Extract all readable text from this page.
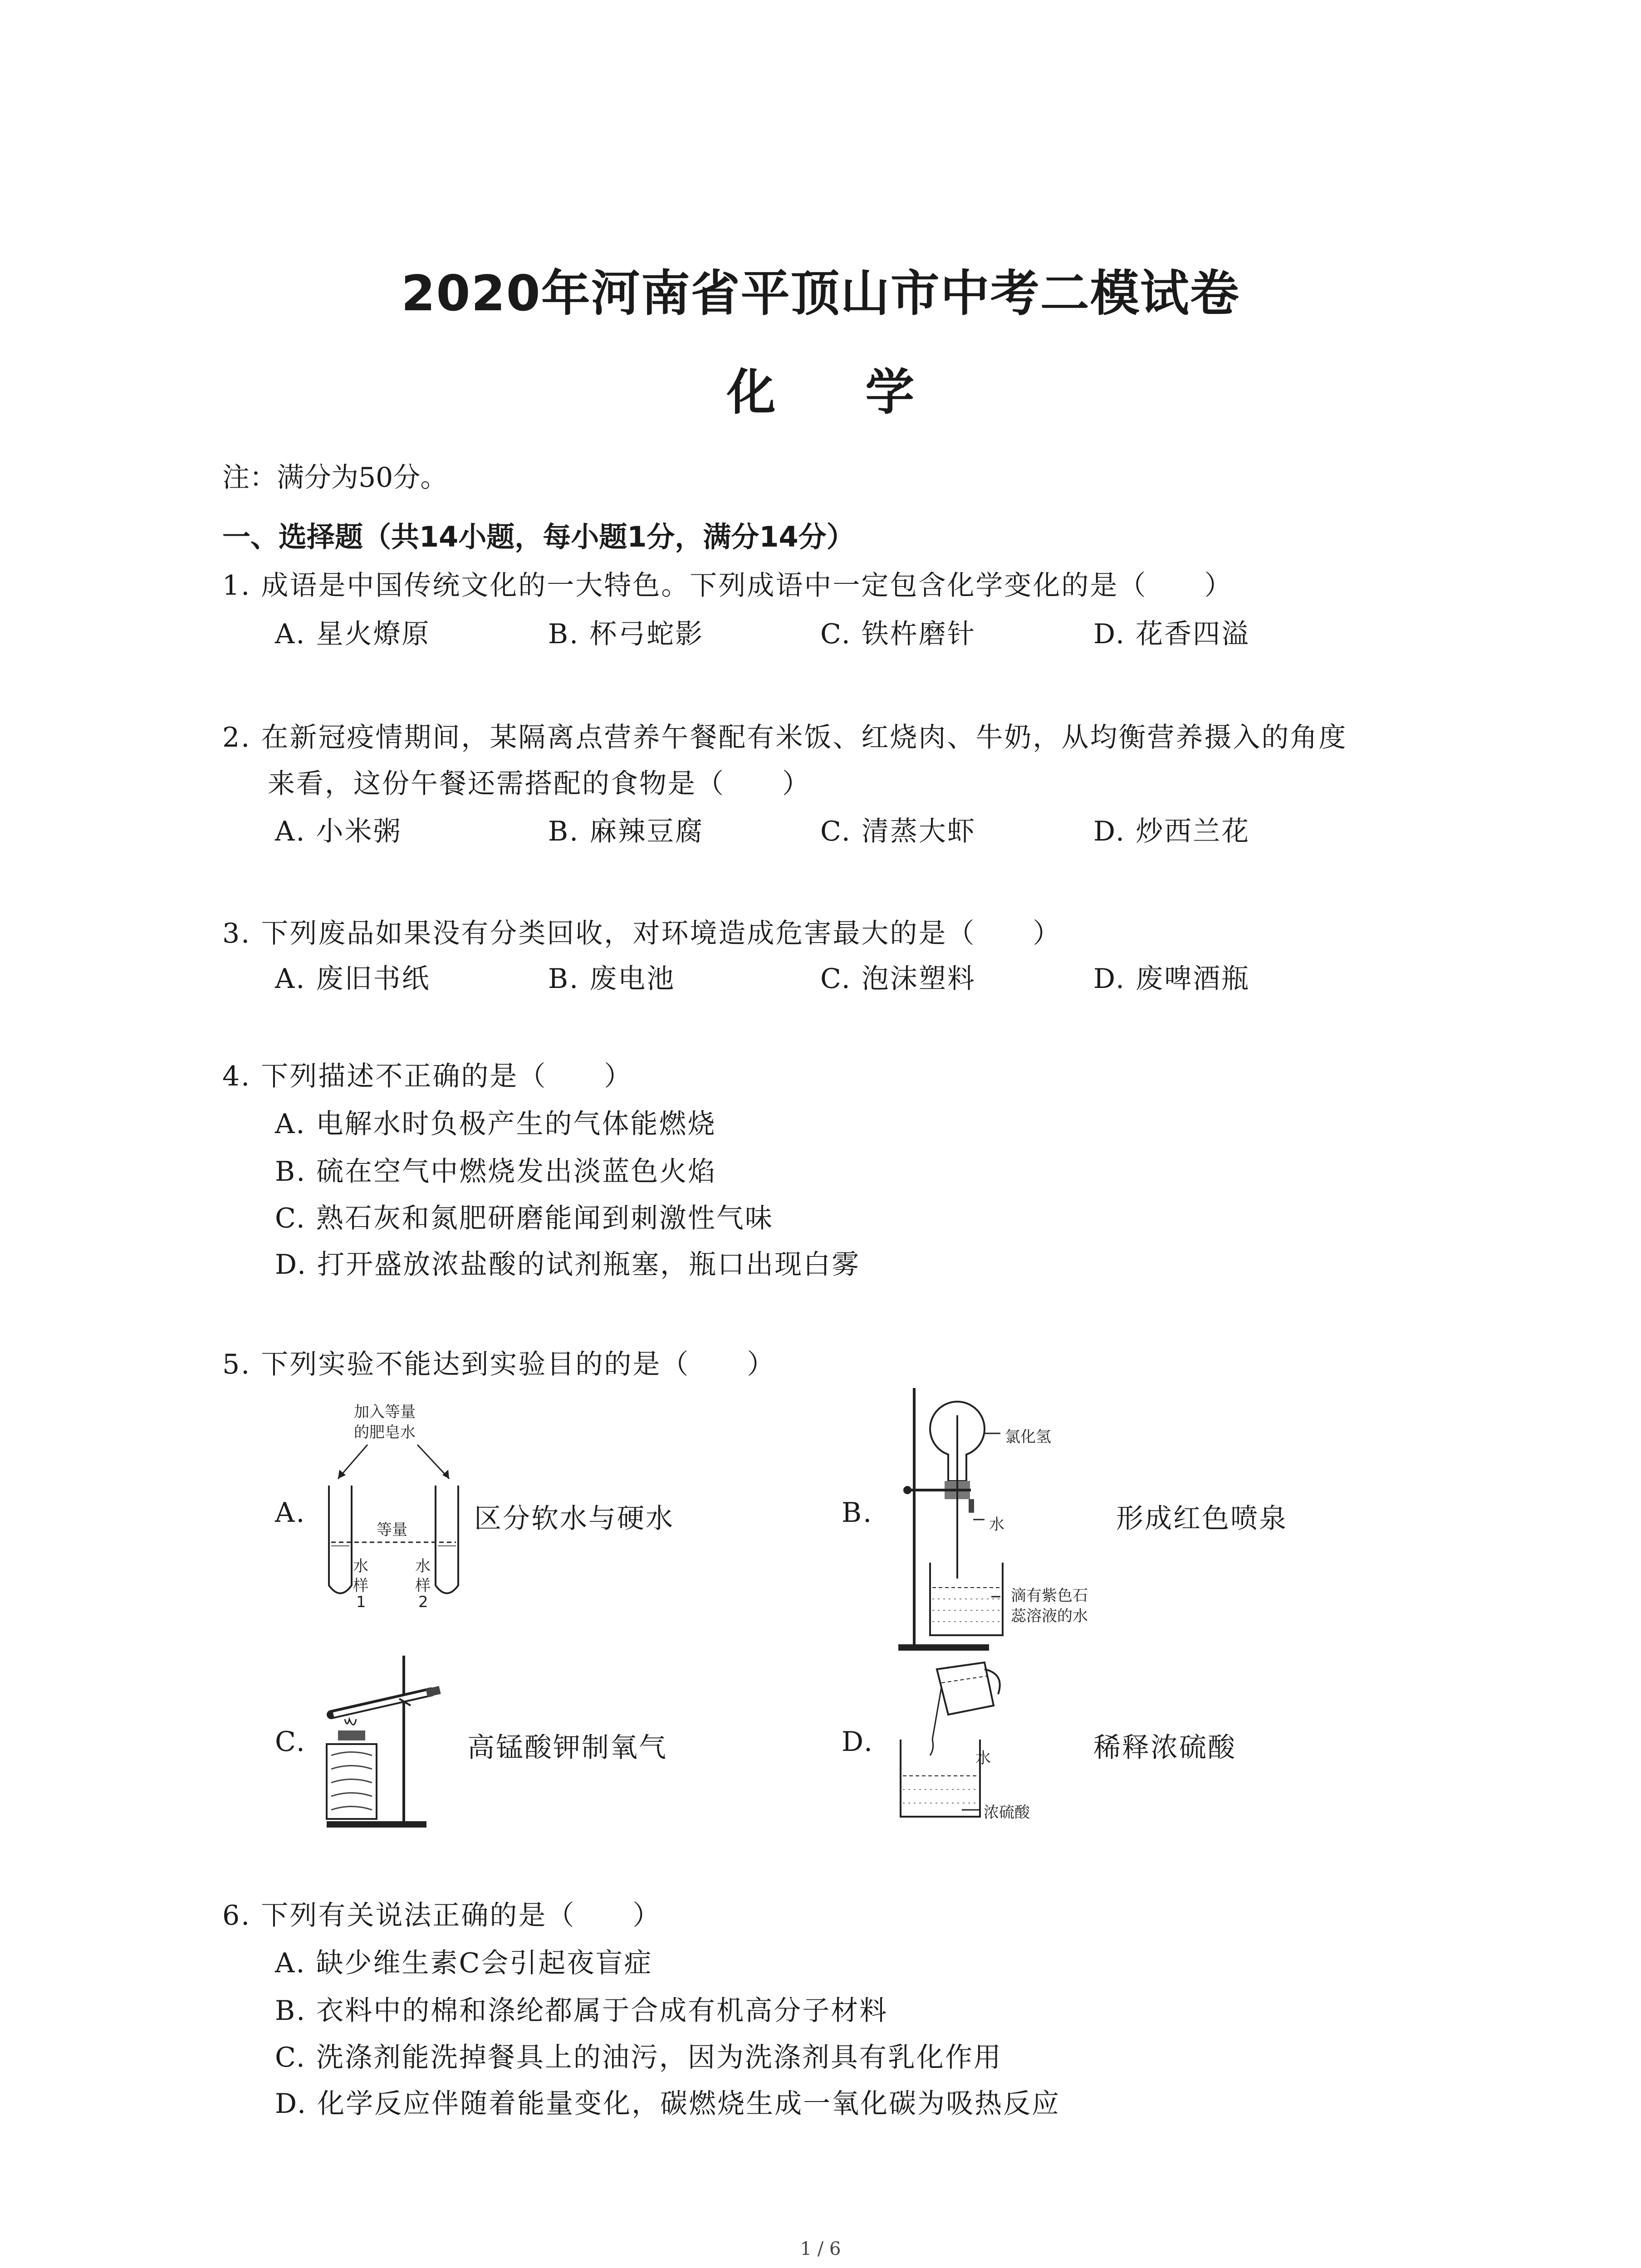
2020年河南省平顶山市中考二模试卷
化 学
注：满分为50分。
一、选择题（共14小题，每小题1分，满分14分）
1. 成语是中国传统文化的一大特色。下列成语中一定包含化学变化的是（　　）
A. 星火燎原	B. 杯弓蛇影	C. 铁杵磨针	D. 花香四溢
2. 在新冠疫情期间，某隔离点营养午餐配有米饭、红烧肉、牛奶，从均衡营养摄入的角度
来看，这份午餐还需搭配的食物是（　　）
A. 小米粥	B. 麻辣豆腐	C. 清蒸大虾	D. 炒西兰花
3. 下列废品如果没有分类回收，对环境造成危害最大的是（　　）
A. 废旧书纸	B. 废电池	C. 泡沫塑料	D. 废啤酒瓶
4. 下列描述不正确的是（　　）
A. 电解水时负极产生的气体能燃烧
B. 硫在空气中燃烧发出淡蓝色火焰
C. 熟石灰和氮肥研磨能闻到刺激性气味
D. 打开盛放浓盐酸的试剂瓶塞，瓶口出现白雾
5. 下列实验不能达到实验目的的是（　　）
A.
加入等量
的肥皂水
等量
水
样
1
水
样
2
区分软水与硬水	B.
氯化氢
水
滴有紫色石
蕊溶液的水
形成红色喷泉
C.	高锰酸钾制氧气	D.
水
浓硫酸
稀释浓硫酸
6. 下列有关说法正确的是（　　）
A. 缺少维生素C会引起夜盲症
B. 衣料中的棉和涤纶都属于合成有机高分子材料
C. 洗涤剂能洗掉餐具上的油污，因为洗涤剂具有乳化作用
D. 化学反应伴随着能量变化，碳燃烧生成一氧化碳为吸热反应
1 / 6
